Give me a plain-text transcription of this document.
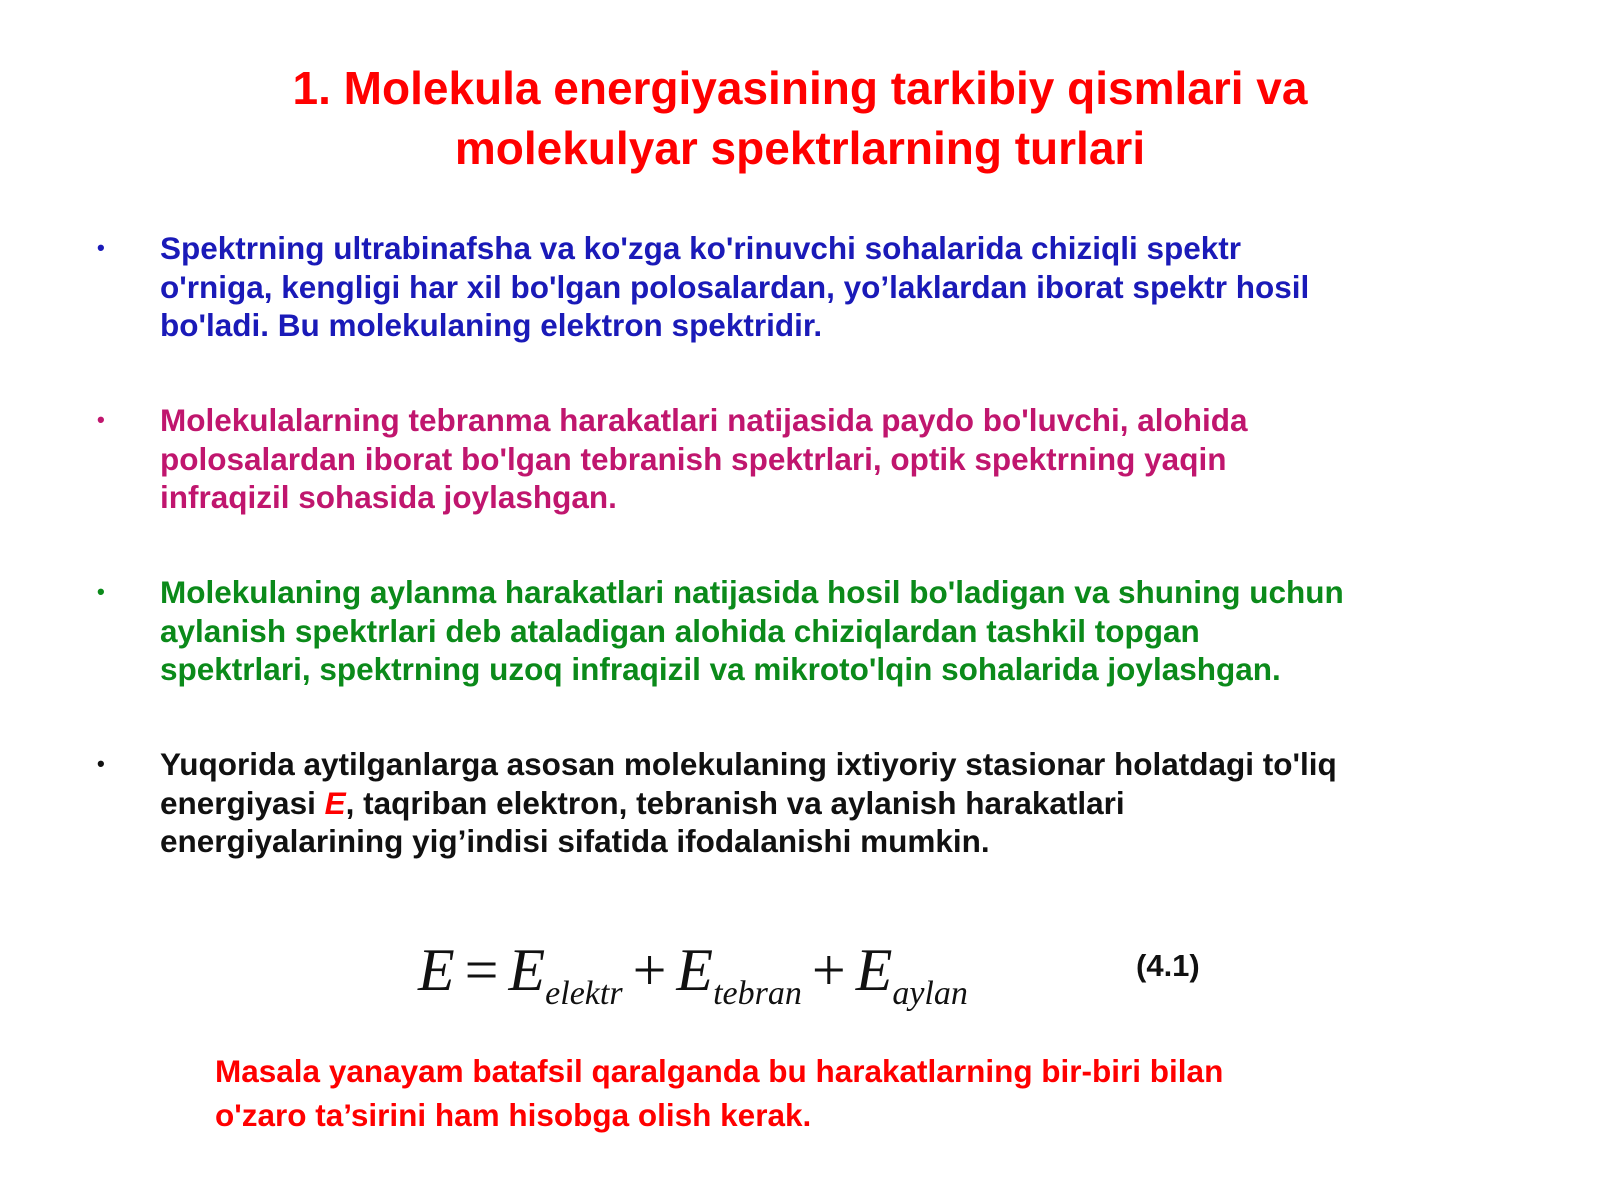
1. Molekula energiyasining tarkibiy qismlari va
molekulyar spektrlarning turlari
• Spektrning ultrabinafsha va ko'zga ko'rinuvchi sohalarida chiziqli spektr
o'rniga, kengligi har xil bo'lgan polosalardan, yo’laklardan iborat spektr hosil
bo'ladi. Bu molekulaning elektron spektridir.
• Molekulalarning tebranma harakatlari natijasida paydo bo'luvchi, alohida
polosalardan iborat bo'lgan tebranish spektrlari, optik spektrning yaqin
infraqizil sohasida joylashgan.
• Molekulaning aylanma harakatlari natijasida hosil bo'ladigan va shuning uchun
aylanish spektrlari deb ataladigan alohida chiziqlardan tashkil topgan
spektrlari, spektrning uzoq infraqizil va mikroto'lqin sohalarida joylashgan.
• Yuqorida aytilganlarga asosan molekulaning ixtiyoriy stasionar holatdagi to'liq
energiyasi E, taqriban elektron, tebranish va aylanish harakatlari
energiyalarining yig’indisi sifatida ifodalanishi mumkin.
$E = E_{elektr} + E_{tebran} + E_{aylan}$
(4.1)
Masala yanayam batafsil qaralganda bu harakatlarning bir-biri bilan
o'zaro ta’sirini ham hisobga olish kerak.
